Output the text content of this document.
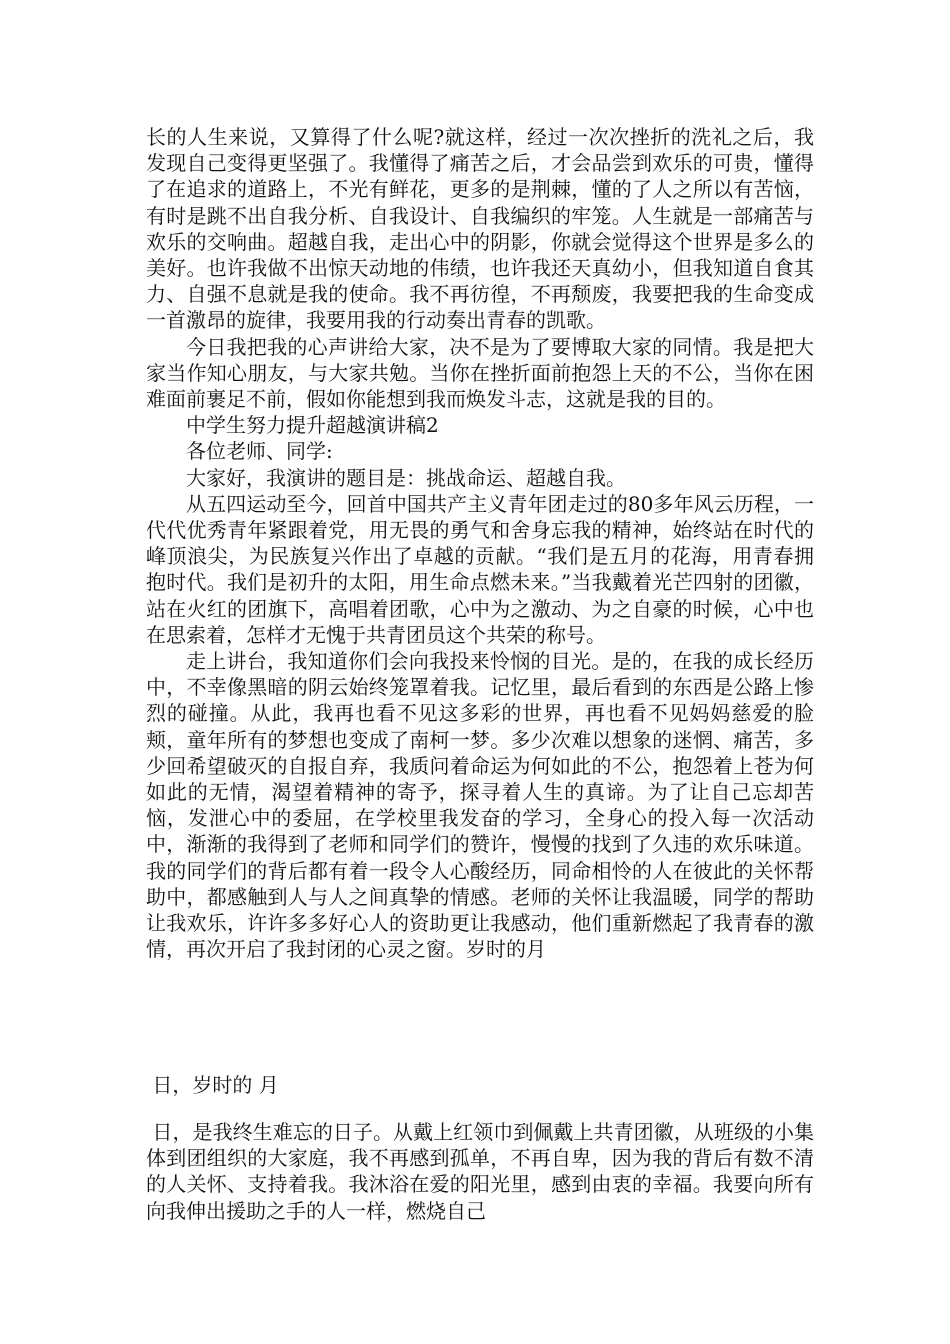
长的人生来说，又算得了什么呢?就这样，经过一次次挫折的洗礼之后，我发现自己变得更坚强了。我懂得了痛苦之后，才会品尝到欢乐的可贵，懂得了在追求的道路上，不光有鲜花，更多的是荆棘，懂的了人之所以有苦恼，有时是跳不出自我分析、自我设计、自我编织的牢笼。人生就是一部痛苦与欢乐的交响曲。超越自我，走出心中的阴影，你就会觉得这个世界是多么的美好。也许我做不出惊天动地的伟绩，也许我还天真幼小，但我知道自食其力、自强不息就是我的使命。我不再彷徨，不再颓废，我要把我的生命变成一首激昂的旋律，我要用我的行动奏出青春的凯歌。

今日我把我的心声讲给大家，决不是为了要博取大家的同情。我是把大家当作知心朋友，与大家共勉。当你在挫折面前抱怨上天的不公，当你在困难面前裹足不前，假如你能想到我而焕发斗志，这就是我的目的。

中学生努力提升超越演讲稿2

各位老师、同学:

大家好，我演讲的题目是：挑战命运、超越自我。

从五四运动至今，回首中国共产主义青年团走过的80多年风云历程，一代代优秀青年紧跟着党，用无畏的勇气和舍身忘我的精神，始终站在时代的峰顶浪尖，为民族复兴作出了卓越的贡献。“我们是五月的花海，用青春拥抱时代。我们是初升的太阳，用生命点燃未来。”当我戴着光芒四射的团徽，站在火红的团旗下，高唱着团歌，心中为之激动、为之自豪的时候，心中也在思索着，怎样才无愧于共青团员这个共荣的称号。

走上讲台，我知道你们会向我投来怜悯的目光。是的，在我的成长经历中，不幸像黑暗的阴云始终笼罩着我。记忆里，最后看到的东西是公路上惨烈的碰撞。从此，我再也看不见这多彩的世界，再也看不见妈妈慈爱的脸颊，童年所有的梦想也变成了南柯一梦。多少次难以想象的迷惘、痛苦，多少回希望破灭的自报自弃，我质问着命运为何如此的不公，抱怨着上苍为何如此的无情，渴望着精神的寄予，探寻着人生的真谛。为了让自己忘却苦恼，发泄心中的委屈，在学校里我发奋的学习，全身心的投入每一次活动中，渐渐的我得到了老师和同学们的赞许，慢慢的找到了久违的欢乐味道。我的同学们的背后都有着一段令人心酸经历，同命相怜的人在彼此的关怀帮助中，都感触到人与人之间真挚的情感。老师的关怀让我温暖，同学的帮助让我欢乐，许许多多好心人的资助更让我感动，他们重新燃起了我青春的激情，再次开启了我封闭的心灵之窗。岁时的月

日，岁时的 月

日，是我终生难忘的日子。从戴上红领巾到佩戴上共青团徽，从班级的小集体到团组织的大家庭，我不再感到孤单，不再自卑，因为我的背后有数不清的人关怀、支持着我。我沐浴在爱的阳光里，感到由衷的幸福。我要向所有向我伸出援助之手的人一样，燃烧自己
